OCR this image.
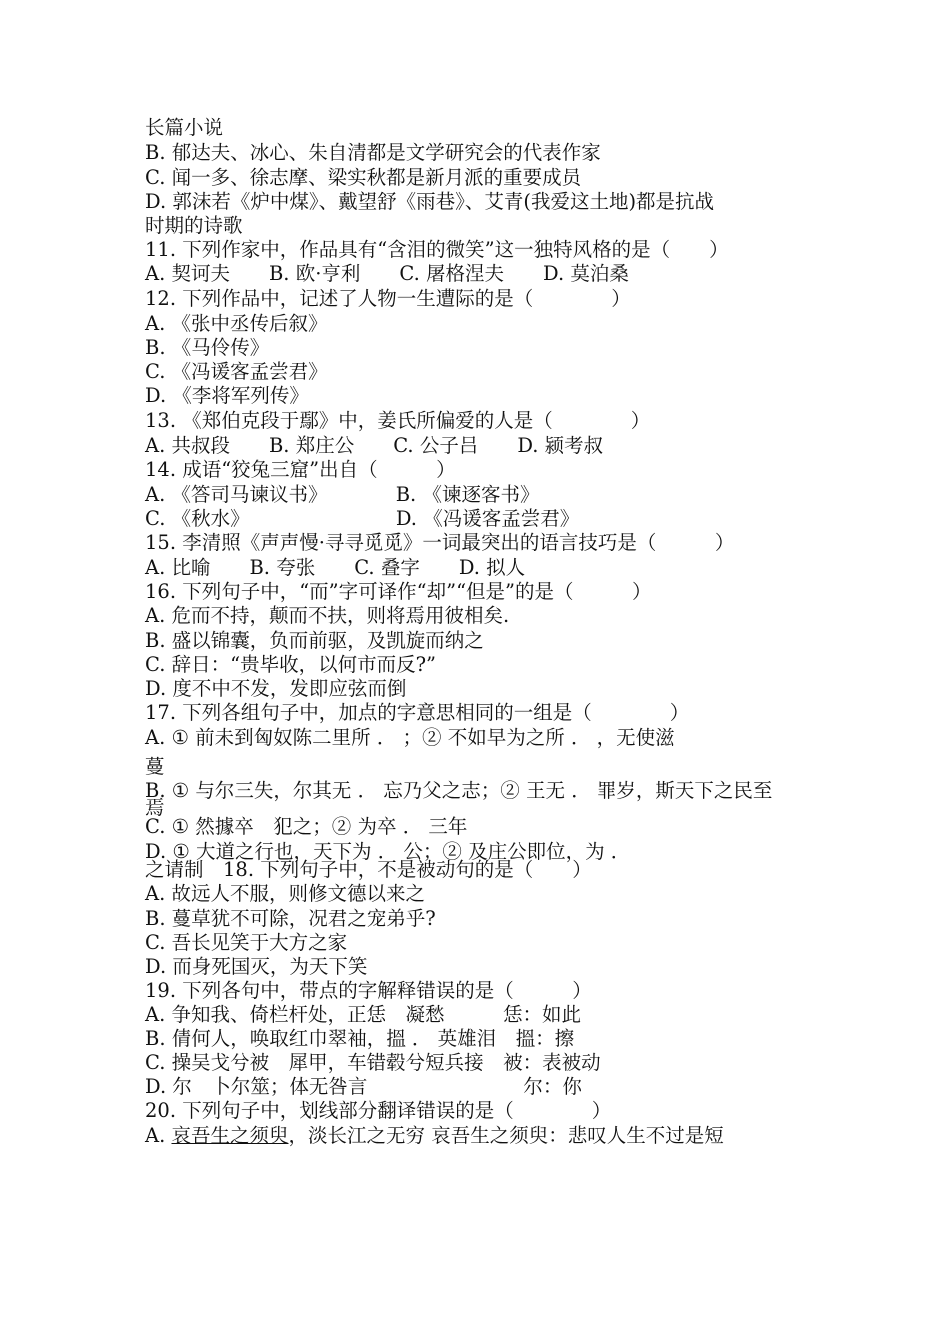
长篇小说
B. 郁达夫、冰心、朱自清都是文学研究会的代表作家
C. 闻一多、徐志摩、梁实秋都是新月派的重要成员
D. 郭沫若《炉中煤》、戴望舒《雨巷》、艾青(我爱这土地)都是抗战
时期的诗歌
11. 下列作家中，作品具有“含泪的微笑”这一独特风格的是（　　）
A. 契诃夫　　B. 欧·亨利　　C. 屠格涅夫　　D. 莫泊桑
12. 下列作品中，记述了人物一生遭际的是（　　　　）
A. 《张中丞传后叙》
B. 《马伶传》
C. 《冯谖客孟尝君》
D. 《李将军列传》
13. 《郑伯克段于鄢》中，姜氏所偏爱的人是（　　　　）
A. 共叔段　　B. 郑庄公　　C. 公子吕　　D. 颍考叔
14. 成语“狡兔三窟”出自（　　　）
A. 《答司马谏议书》　　　　B. 《谏逐客书》
C. 《秋水》　　　　　　　　D. 《冯谖客孟尝君》
15. 李清照《声声慢·寻寻觅觅》一词最突出的语言技巧是（　　　）
A. 比喻　　B. 夸张　　C. 叠字　　D. 拟人
16. 下列句子中，“而”字可译作“却”“但是”的是（　　　）
A. 危而不持，颠而不扶，则将焉用彼相矣.
B. 盛以锦囊，负而前驱，及凯旋而纳之
C. 辞日：“贵毕收，以何市而反?”
D. 度不中不发，发即应弦而倒
17. 下列各组句子中，加点的字意思相同的一组是（　　　　）
A. ① 前未到匈奴陈二里所 ． ；② 不如早为之所 ． ，无使滋
蔓
B. ① 与尔三失，尔其无 ． 忘乃父之志；② 王无 ． 罪岁，斯天下之民至
焉
C. ① 然據卒　犯之；② 为卒 ． 三年
D. ① 大道之行也，天下为 ． 公；② 及庄公即位，为 ．
之请制　18. 下列句子中，不是被动句的是（　　）
A. 故远人不服，则修文德以来之
B. 蔓草犹不可除，况君之宠弟乎?
C. 吾长见笑于大方之家
D. 而身死国灭，为天下笑
19. 下列各句中，带点的字解释错误的是（　　　）
A. 争知我、倚栏杆处，正恁　凝愁　　　恁：如此
B. 倩何人，唤取红巾翠袖，搵 ． 英雄泪　搵：擦
C. 操吴戈兮被　犀甲，车错毂兮短兵接　被：表被动
D. 尔　卜尔筮；体无咎言　　　　　　　　尔：你
20. 下列句子中，划线部分翻译错误的是（　　　　）
A. 哀吾生之须臾，淡长江之无穷 哀吾生之须臾：悲叹人生不过是短
